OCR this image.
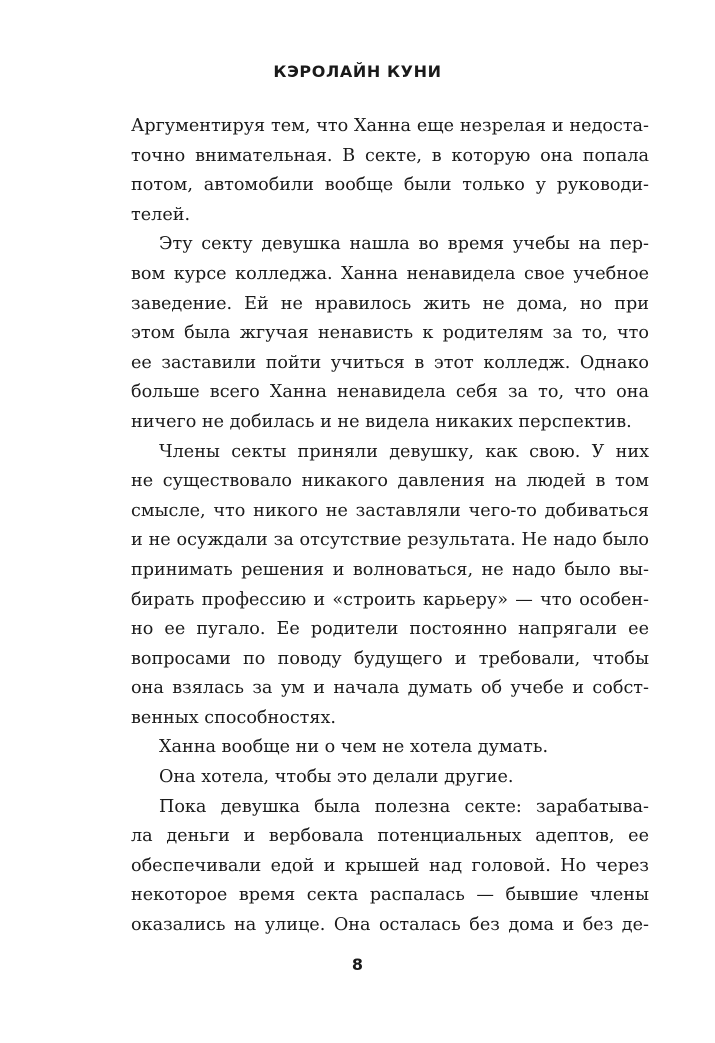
КЭРОЛАЙН КУНИ
Аргументируя тем, что Ханна еще незрелая и недоста-
точно внимательная. В секте, в которую она попала
потом, автомобили вообще были только у руководи-
телей.
Эту секту девушка нашла во время учебы на пер-
вом курсе колледжа. Ханна ненавидела свое учебное
заведение. Ей не нравилось жить не дома, но при
этом была жгучая ненависть к родителям за то, что
ее заставили пойти учиться в этот колледж. Однако
больше всего Ханна ненавидела себя за то, что она
ничего не добилась и не видела никаких перспектив.
Члены секты приняли девушку, как свою. У них
не существовало никакого давления на людей в том
смысле, что никого не заставляли чего-то добиваться
и не осуждали за отсутствие результата. Не надо было
принимать решения и волноваться, не надо было вы-
бирать профессию и «строить карьеру» — что особен-
но ее пугало. Ее родители постоянно напрягали ее
вопросами по поводу будущего и требовали, чтобы
она взялась за ум и начала думать об учебе и собст-
венных способностях.
Ханна вообще ни о чем не хотела думать.
Она хотела, чтобы это делали другие.
Пока девушка была полезна секте: зарабатыва-
ла деньги и вербовала потенциальных адептов, ее
обеспечивали едой и крышей над головой. Но через
некоторое время секта распалась — бывшие члены
оказались на улице. Она осталась без дома и без де-
8
